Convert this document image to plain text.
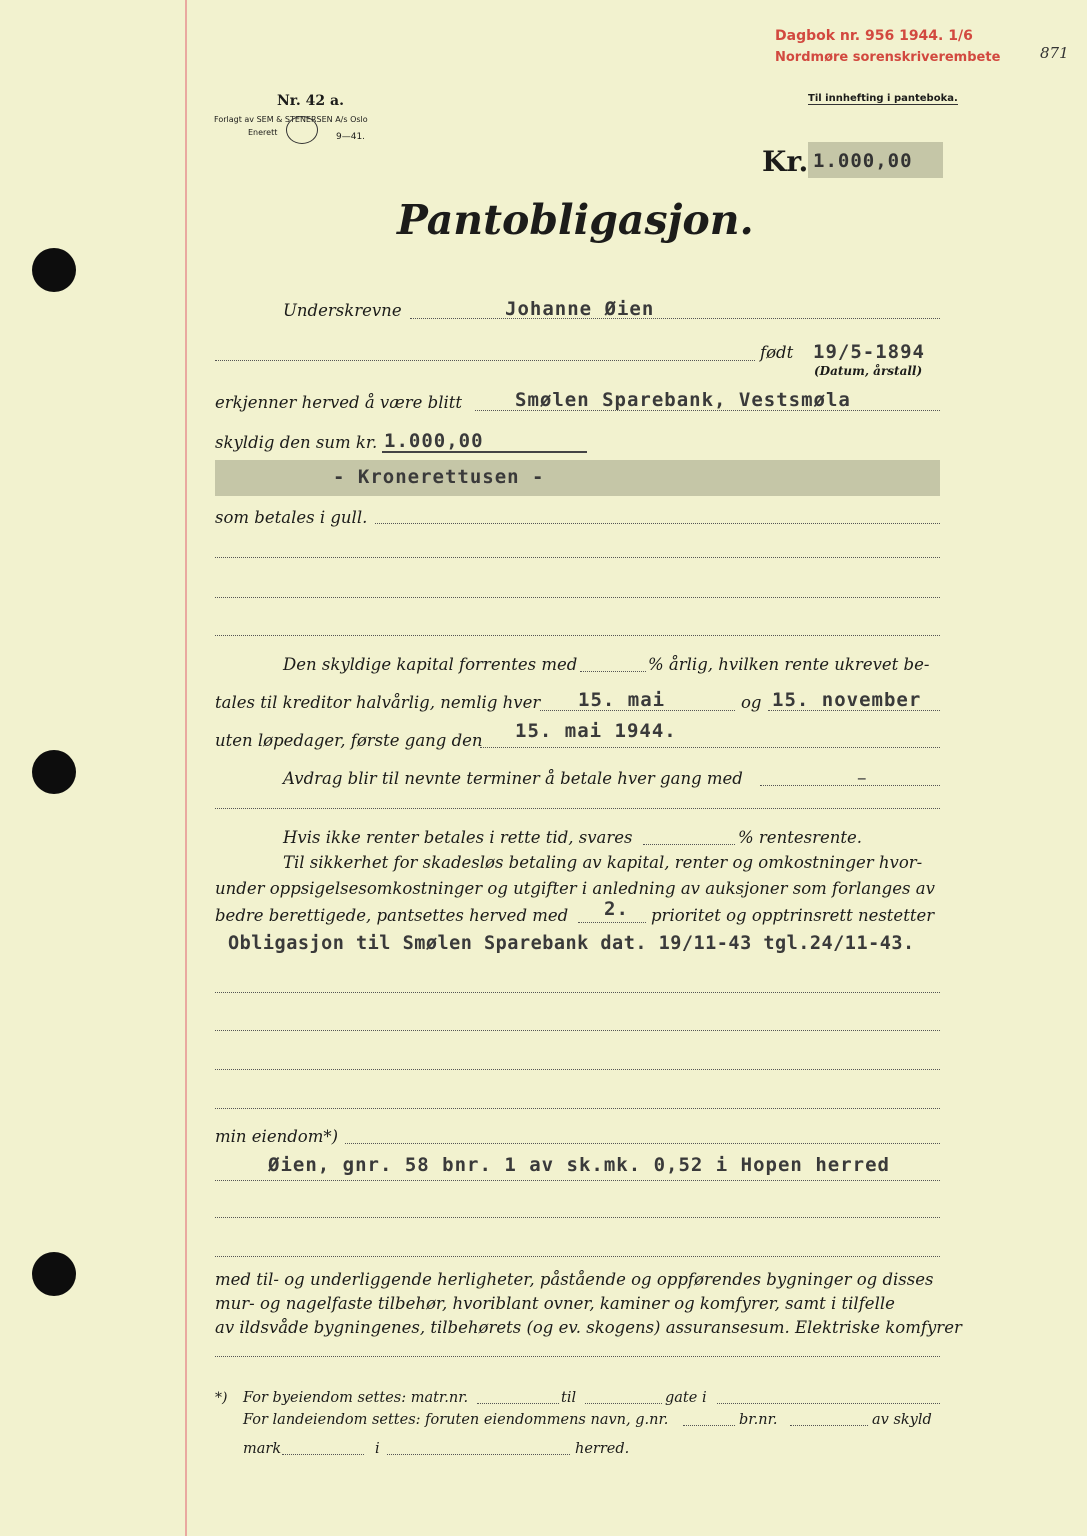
Dagbok nr. 956 1944. 1/6
Nordmøre sorenskriverembete	871
Nr. 42 a.
Forlagt av SEM & STENERSEN A/s Oslo
Enerett	9—41.
Til innhefting i panteboka.
Kr. 1.000,00
Pantobligasjon.
Underskrevne	Johanne Øien
født 19/5-1894
(Datum, årstall)
erkjenner herved å være blitt	Smølen Sparebank, Vestsmøla
skyldig den sum kr. 1.000,00
- Kronerettusen -
som betales i gull.
Den skyldige kapital forrentes med	% årlig, hvilken rente ukrevet be-
tales til kreditor halvårlig, nemlig hver 15. mai	og 15. november
uten løpedager, første gang den 15. mai 1944.
Avdrag blir til nevnte terminer å betale hver gang med	–
Hvis ikke renter betales i rette tid, svares	% rentesrente.
Til sikkerhet for skadesløs betaling av kapital, renter og omkostninger hvor-
under oppsigelsesomkostninger og utgifter i anledning av auksjoner som forlanges av
bedre berettigede, pantsettes herved med 2. prioritet og opptrinsrett nestetter
Obligasjon til Smølen Sparebank dat. 19/11-43 tgl.24/11-43.
min eiendom*)
Øien, gnr. 58 bnr. 1 av sk.mk. 0,52 i Hopen herred
med til- og underliggende herligheter, påstående og oppførendes bygninger og disses
mur- og nagelfaste tilbehør, hvoriblant ovner, kaminer og komfyrer, samt i tilfelle
av ildsvåde bygningenes, tilbehørets (og ev. skogens) assuransesum. Elektriske komfyrer
*) For byeiendom settes: matr.nr.	til	gate i
For landeiendom settes: foruten eiendommens navn, g.nr.	br.nr.	av skyld
mark	i	herred.
